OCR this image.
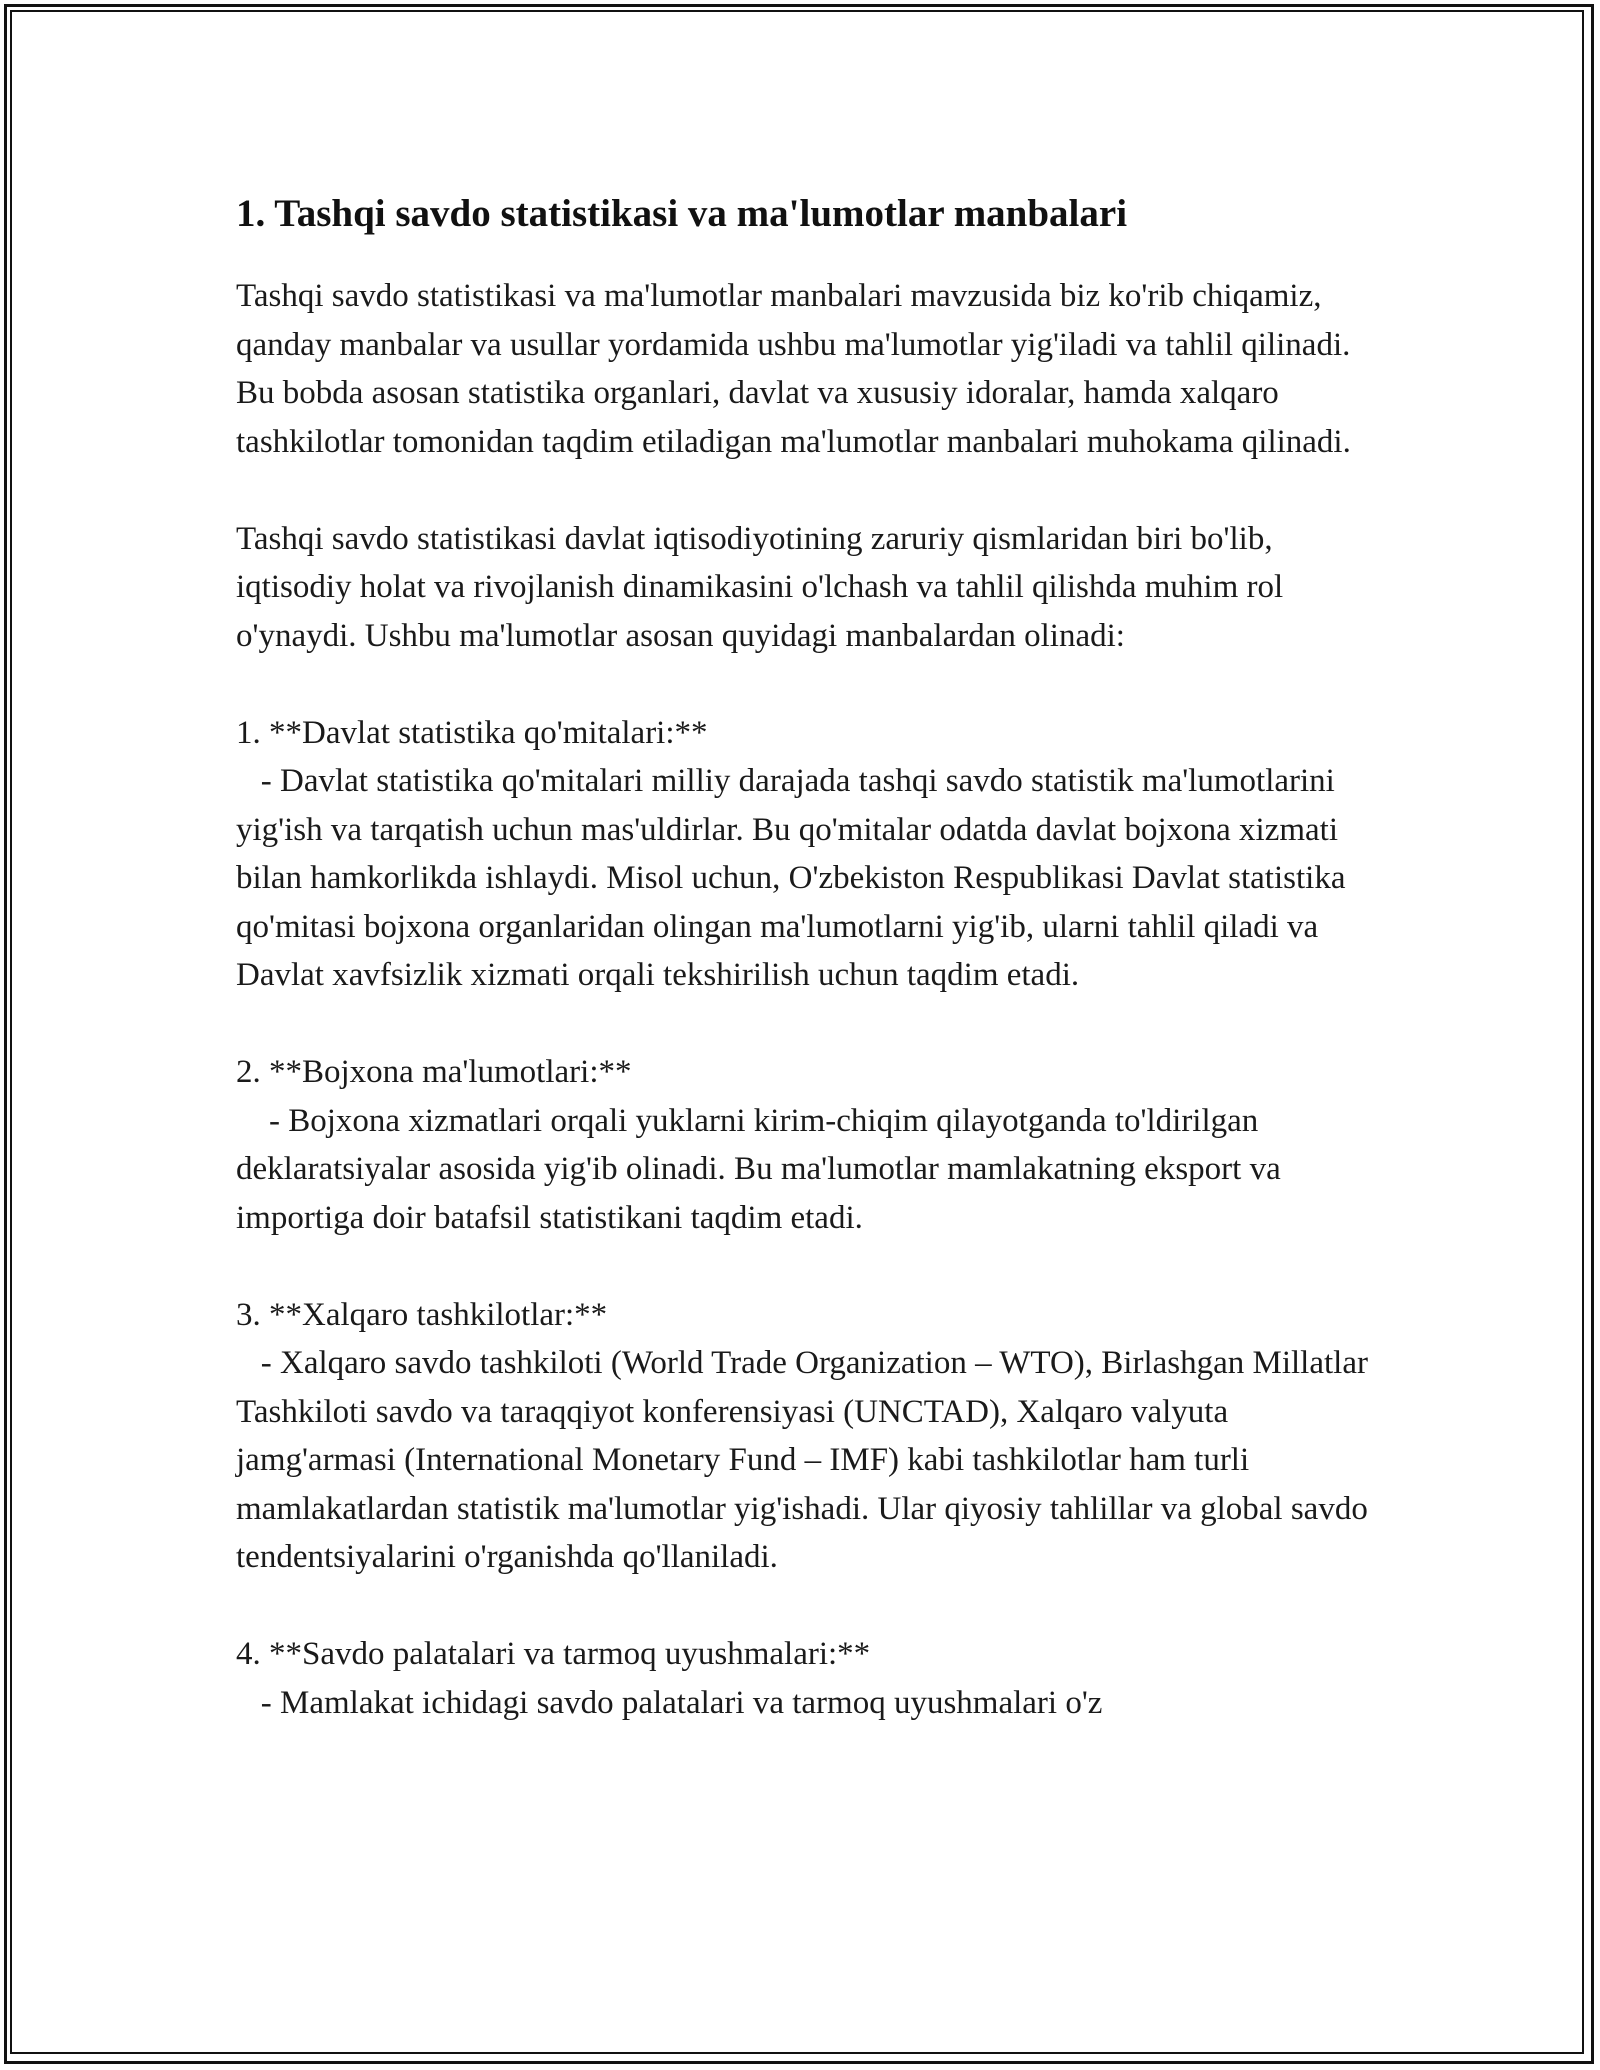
1. Tashqi savdo statistikasi va ma'lumotlar manbalari

Tashqi savdo statistikasi va ma'lumotlar manbalari mavzusida biz ko'rib chiqamiz, qanday manbalar va usullar yordamida ushbu ma'lumotlar yig'iladi va tahlil qilinadi. Bu bobda asosan statistika organlari, davlat va xususiy idoralar, hamda xalqaro tashkilotlar tomonidan taqdim etiladigan ma'lumotlar manbalari muhokama qilinadi.

Tashqi savdo statistikasi davlat iqtisodiyotining zaruriy qismlaridan biri bo'lib, iqtisodiy holat va rivojlanish dinamikasini o'lchash va tahlil qilishda muhim rol o'ynaydi. Ushbu ma'lumotlar asosan quyidagi manbalardan olinadi:

1. **Davlat statistika qo'mitalari:**

- Davlat statistika qo'mitalari milliy darajada tashqi savdo statistik ma'lumotlarini yig'ish va tarqatish uchun mas'uldirlar. Bu qo'mitalar odatda davlat bojxona xizmati bilan hamkorlikda ishlaydi. Misol uchun, O'zbekiston Respublikasi Davlat statistika qo'mitasi bojxona organlaridan olingan ma'lumotlarni yig'ib, ularni tahlil qiladi va Davlat xavfsizlik xizmati orqali tekshirilish uchun taqdim etadi.

2. **Bojxona ma'lumotlari:**

- Bojxona xizmatlari orqali yuklarni kirim-chiqim qilayotganda to'ldirilgan deklaratsiyalar asosida yig'ib olinadi. Bu ma'lumotlar mamlakatning eksport va importiga doir batafsil statistikani taqdim etadi.

3. **Xalqaro tashkilotlar:**

- Xalqaro savdo tashkiloti (World Trade Organization – WTO), Birlashgan Millatlar Tashkiloti savdo va taraqqiyot konferensiyasi (UNCTAD), Xalqaro valyuta jamg'armasi (International Monetary Fund – IMF) kabi tashkilotlar ham turli mamlakatlardan statistik ma'lumotlar yig'ishadi. Ular qiyosiy tahlillar va global savdo tendentsiyalarini o'rganishda qo'llaniladi.

4. **Savdo palatalari va tarmoq uyushmalari:**

- Mamlakat ichidagi savdo palatalari va tarmoq uyushmalari o'z
